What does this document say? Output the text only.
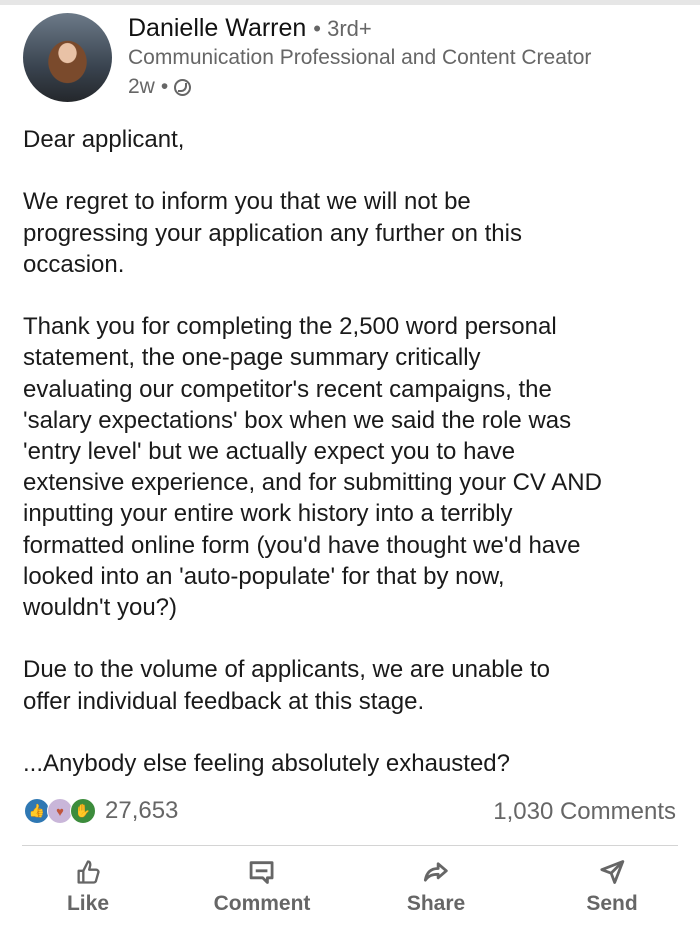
Danielle Warren • 3rd+
Communication Professional and Content Creator
2w •
Dear applicant,
We regret to inform you that we will not be
progressing your application any further on this
occasion.
Thank you for completing the 2,500 word personal
statement, the one-page summary critically
evaluating our competitor's recent campaigns, the
'salary expectations' box when we said the role was
'entry level' but we actually expect you to have
extensive experience, and for submitting your CV AND
inputting your entire work history into a terribly
formatted online form (you'd have thought we'd have
looked into an 'auto-populate' for that by now,
wouldn't you?)
Due to the volume of applicants, we are unable to
offer individual feedback at this stage.
...Anybody else feeling absolutely exhausted?
👍 ♥ ✋ 27,653	1,030 Comments
Like	Comment	Share	Send
